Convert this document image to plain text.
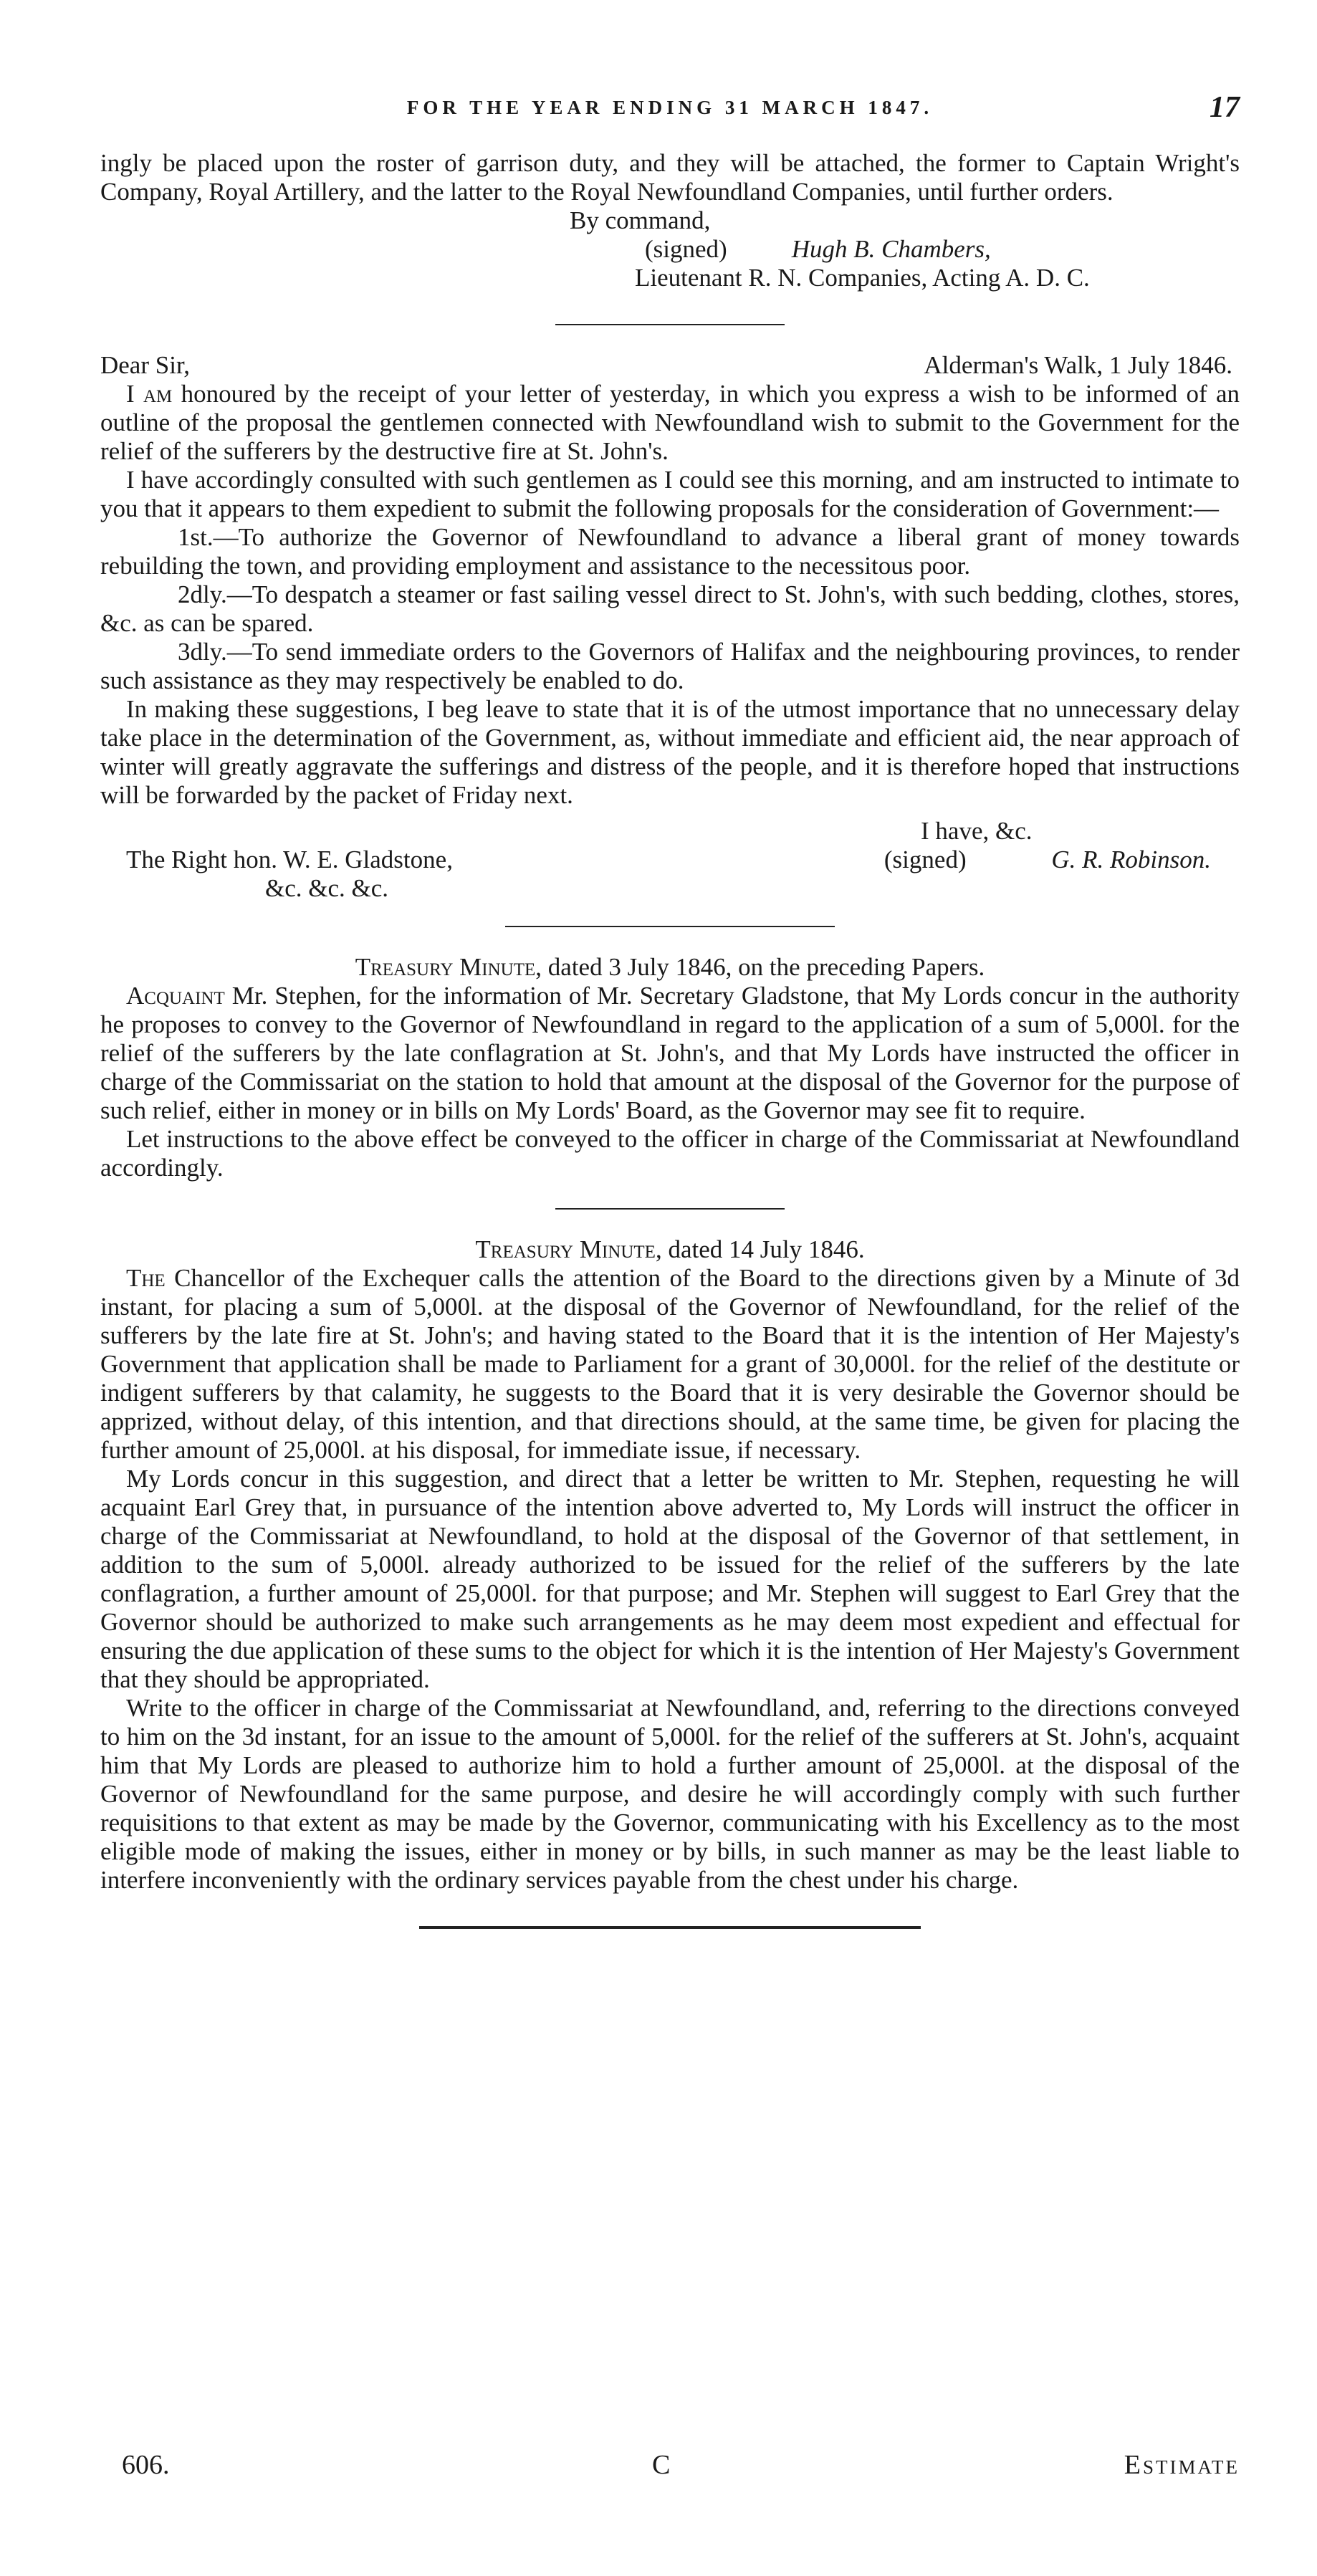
FOR THE YEAR ENDING 31 MARCH 1847.	17

ingly be placed upon the roster of garrison duty, and they will be attached, the former to Captain Wright's Company, Royal Artillery, and the latter to the Royal Newfoundland Companies, until further orders.

By command,

(signed)	Hugh B. Chambers,

Lieutenant R. N. Companies, Acting A. D. C.

Dear Sir,	Alderman's Walk, 1 July 1846.

I am honoured by the receipt of your letter of yesterday, in which you express a wish to be informed of an outline of the proposal the gentlemen connected with Newfoundland wish to submit to the Government for the relief of the sufferers by the destructive fire at St. John's.

I have accordingly consulted with such gentlemen as I could see this morning, and am instructed to intimate to you that it appears to them expedient to submit the following proposals for the consideration of Government:—

1st.—To authorize the Governor of Newfoundland to advance a liberal grant of money towards rebuilding the town, and providing employment and assistance to the necessitous poor.

2dly.—To despatch a steamer or fast sailing vessel direct to St. John's, with such bedding, clothes, stores, &c. as can be spared.

3dly.—To send immediate orders to the Governors of Halifax and the neighbouring provinces, to render such assistance as they may respectively be enabled to do.

In making these suggestions, I beg leave to state that it is of the utmost importance that no unnecessary delay take place in the determination of the Government, as, without immediate and efficient aid, the near approach of winter will greatly aggravate the sufferings and distress of the people, and it is therefore hoped that instructions will be forwarded by the packet of Friday next.

I have, &c.

The Right hon. W. E. Gladstone,	(signed)	G. R. Robinson.

&c. &c. &c.

Treasury Minute, dated 3 July 1846, on the preceding Papers.

Acquaint Mr. Stephen, for the information of Mr. Secretary Gladstone, that My Lords concur in the authority he proposes to convey to the Governor of Newfoundland in regard to the application of a sum of 5,000l. for the relief of the sufferers by the late conflagration at St. John's, and that My Lords have instructed the officer in charge of the Commissariat on the station to hold that amount at the disposal of the Governor for the purpose of such relief, either in money or in bills on My Lords' Board, as the Governor may see fit to require.

Let instructions to the above effect be conveyed to the officer in charge of the Commissariat at Newfoundland accordingly.

Treasury Minute, dated 14 July 1846.

The Chancellor of the Exchequer calls the attention of the Board to the directions given by a Minute of 3d instant, for placing a sum of 5,000l. at the disposal of the Governor of Newfoundland, for the relief of the sufferers by the late fire at St. John's; and having stated to the Board that it is the intention of Her Majesty's Government that application shall be made to Parliament for a grant of 30,000l. for the relief of the destitute or indigent sufferers by that calamity, he suggests to the Board that it is very desirable the Governor should be apprized, without delay, of this intention, and that directions should, at the same time, be given for placing the further amount of 25,000l. at his disposal, for immediate issue, if necessary.

My Lords concur in this suggestion, and direct that a letter be written to Mr. Stephen, requesting he will acquaint Earl Grey that, in pursuance of the intention above adverted to, My Lords will instruct the officer in charge of the Commissariat at Newfoundland, to hold at the disposal of the Governor of that settlement, in addition to the sum of 5,000l. already authorized to be issued for the relief of the sufferers by the late conflagration, a further amount of 25,000l. for that purpose; and Mr. Stephen will suggest to Earl Grey that the Governor should be authorized to make such arrangements as he may deem most expedient and effectual for ensuring the due application of these sums to the object for which it is the intention of Her Majesty's Government that they should be appropriated.

Write to the officer in charge of the Commissariat at Newfoundland, and, referring to the directions conveyed to him on the 3d instant, for an issue to the amount of 5,000l. for the relief of the sufferers at St. John's, acquaint him that My Lords are pleased to authorize him to hold a further amount of 25,000l. at the disposal of the Governor of Newfoundland for the same purpose, and desire he will accordingly comply with such further requisitions to that extent as may be made by the Governor, communicating with his Excellency as to the most eligible mode of making the issues, either in money or by bills, in such manner as may be the least liable to interfere inconveniently with the ordinary services payable from the chest under his charge.

606.	C	Estimate
